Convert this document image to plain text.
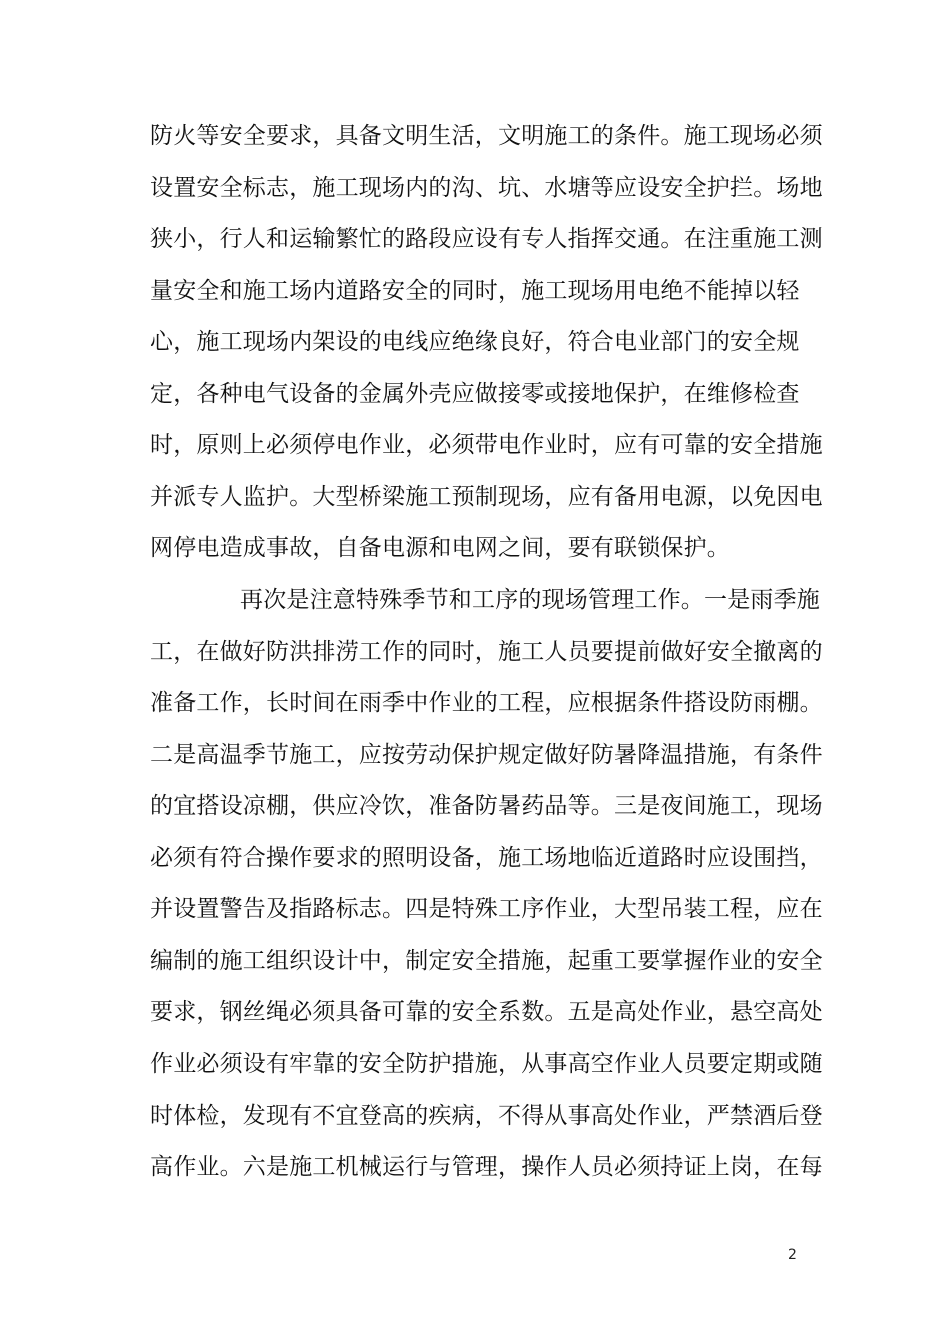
防火等安全要求，具备文明生活，文明施工的条件。施工现场必须
设置安全标志，施工现场内的沟、坑、水塘等应设安全护拦。场地
狭小，行人和运输繁忙的路段应设有专人指挥交通。在注重施工测
量安全和施工场内道路安全的同时，施工现场用电绝不能掉以轻
心，施工现场内架设的电线应绝缘良好，符合电业部门的安全规
定，各种电气设备的金属外壳应做接零或接地保护，在维修检查
时，原则上必须停电作业，必须带电作业时，应有可靠的安全措施
并派专人监护。大型桥梁施工预制现场，应有备用电源，以免因电
网停电造成事故，自备电源和电网之间，要有联锁保护。
再次是注意特殊季节和工序的现场管理工作。一是雨季施
工，在做好防洪排涝工作的同时，施工人员要提前做好安全撤离的
准备工作，长时间在雨季中作业的工程，应根据条件搭设防雨棚。
二是高温季节施工，应按劳动保护规定做好防暑降温措施，有条件
的宜搭设凉棚，供应冷饮，准备防暑药品等。三是夜间施工，现场
必须有符合操作要求的照明设备，施工场地临近道路时应设围挡，
并设置警告及指路标志。四是特殊工序作业，大型吊装工程，应在
编制的施工组织设计中，制定安全措施，起重工要掌握作业的安全
要求，钢丝绳必须具备可靠的安全系数。五是高处作业，悬空高处
作业必须设有牢靠的安全防护措施，从事高空作业人员要定期或随
时体检，发现有不宜登高的疾病，不得从事高处作业，严禁酒后登
高作业。六是施工机械运行与管理，操作人员必须持证上岗，在每
2
